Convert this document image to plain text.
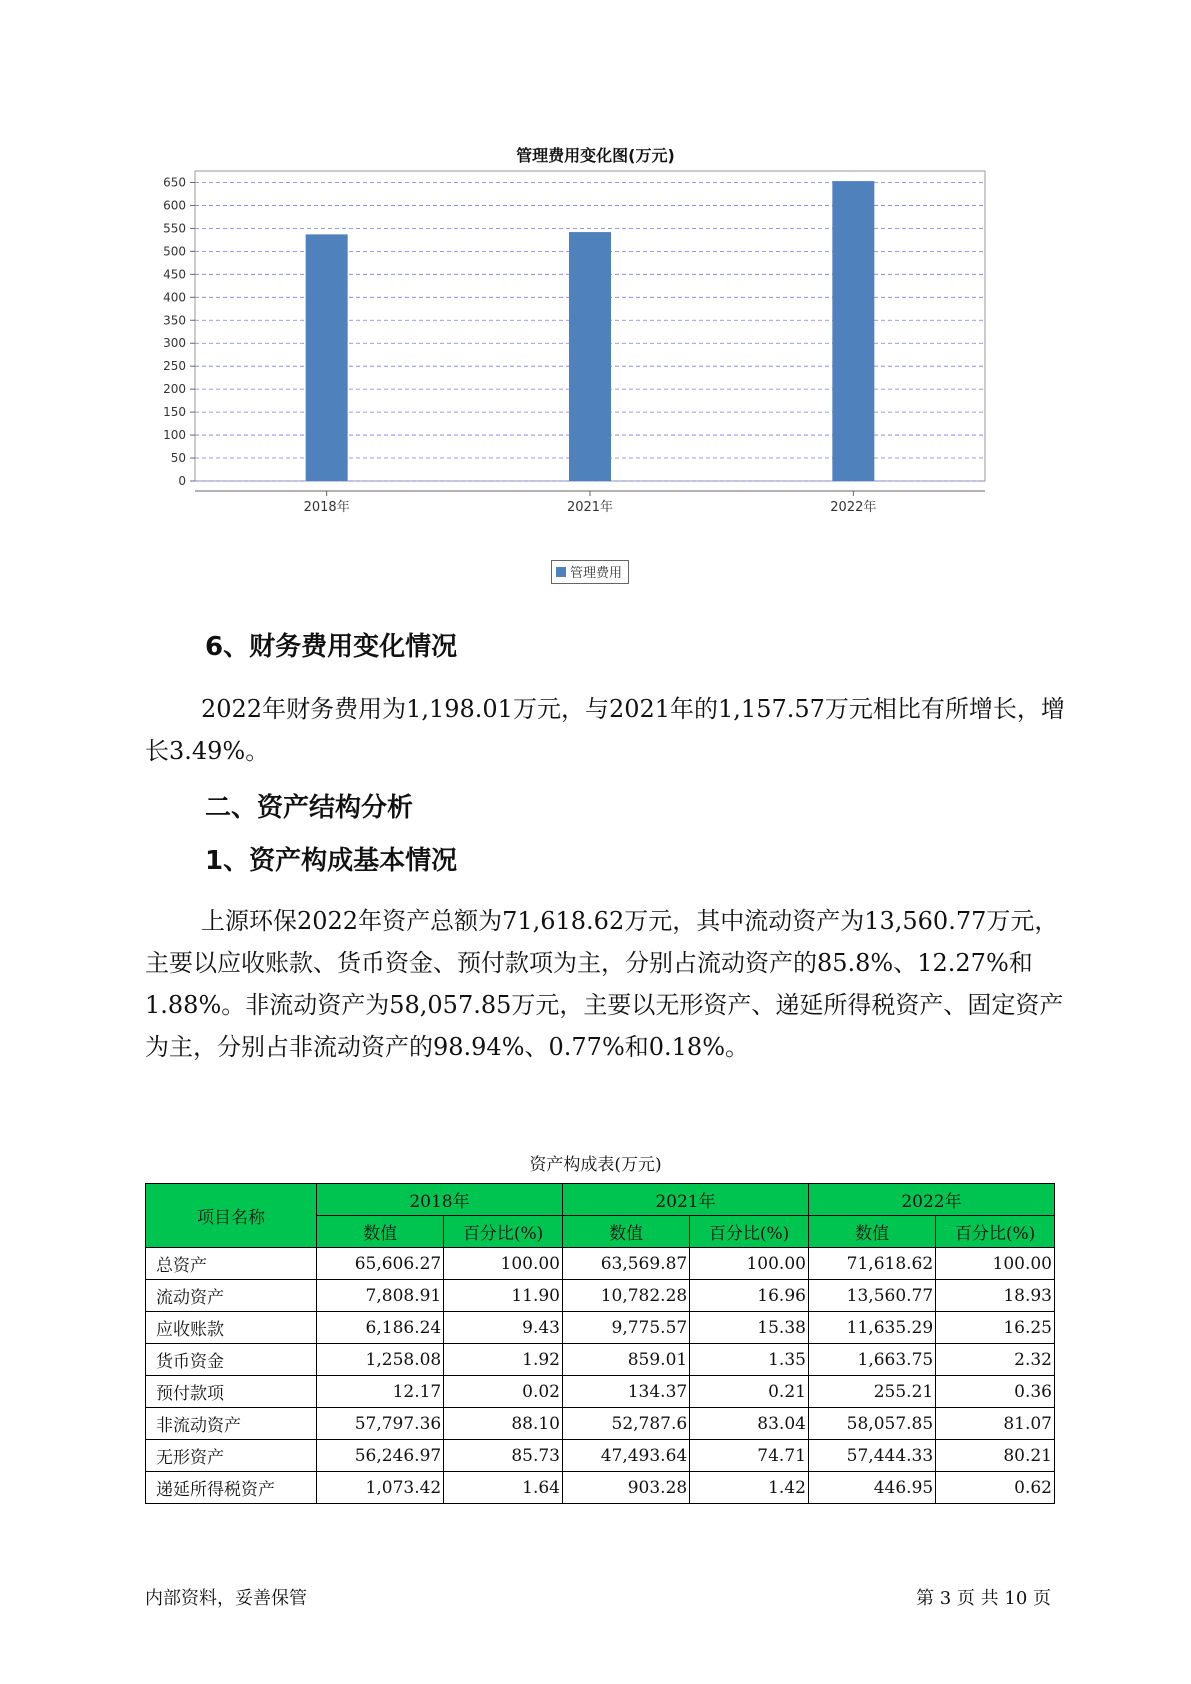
管理费用变化图(万元)
0
50
100
150
200
250
300
350
400
450
500
550
600
650
2018年	2021年	2022年
管理费用
6、财务费用变化情况
2022年财务费用为1,198.01万元，与2021年的1,157.57万元相比有所增长，增长3.49%。
二、资产结构分析
1、资产构成基本情况
上源环保2022年资产总额为71,618.62万元，其中流动资产为13,560.77万元，主要以应收账款、货币资金、预付款项为主，分别占流动资产的85.8%、12.27%和1.88%。非流动资产为58,057.85万元，主要以无形资产、递延所得税资产、固定资产为主，分别占非流动资产的98.94%、0.77%和0.18%。
资产构成表(万元)
项目名称	2018年		2021年		2022年	
	数值	百分比(%)	数值	百分比(%)	数值	百分比(%)
总资产	65,606.27	100.00	63,569.87	100.00	71,618.62	100.00
流动资产	7,808.91	11.90	10,782.28	16.96	13,560.77	18.93
应收账款	6,186.24	9.43	9,775.57	15.38	11,635.29	16.25
货币资金	1,258.08	1.92	859.01	1.35	1,663.75	2.32
预付款项	12.17	0.02	134.37	0.21	255.21	0.36
非流动资产	57,797.36	88.10	52,787.6	83.04	58,057.85	81.07
无形资产	56,246.97	85.73	47,493.64	74.71	57,444.33	80.21
递延所得税资产	1,073.42	1.64	903.28	1.42	446.95	0.62
内部资料，妥善保管	第 3 页 共 10 页
